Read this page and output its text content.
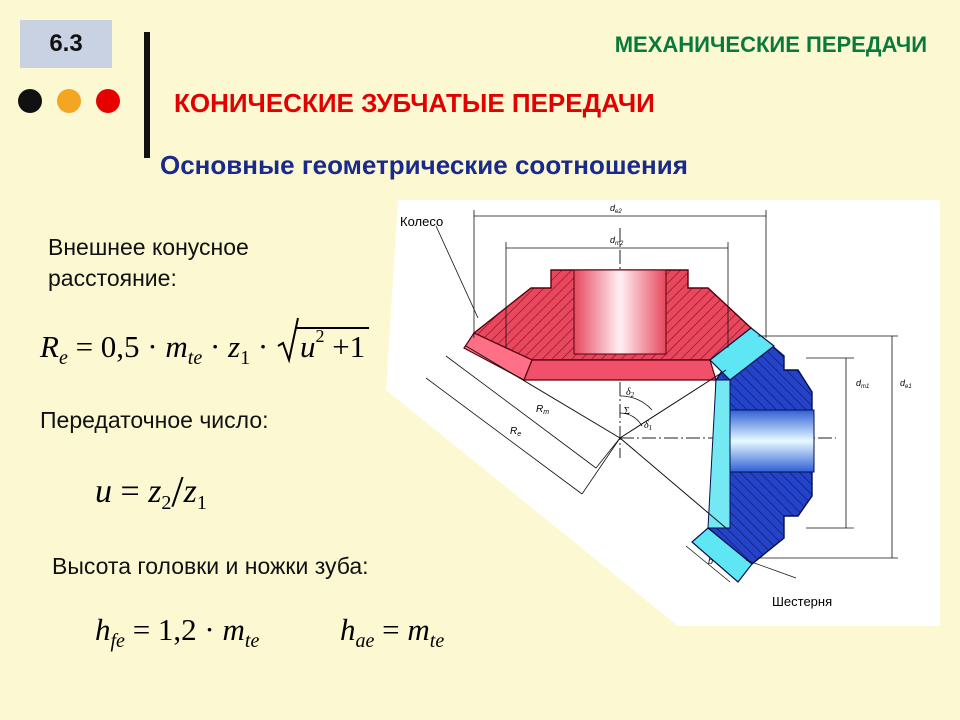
6.3	МЕХАНИЧЕСКИЕ ПЕРЕДАЧИ
КОНИЧЕСКИЕ ЗУБЧАТЫЕ ПЕРЕДАЧИ
Основные геометрические соотношения
Внешнее конусное
расстояние:
$R_e = 0,5 \cdot m_{te} \cdot z_1$ ·
$u^2 +1$
Передаточное число:
$u = z_2/z_1$
Высота головки и ножки зуба:
$h_{fe} = 1,2 \cdot m_{te}$	$h_{ae} = m_{te}$
$d_{e2}$
$d_{m2}$
$d_{m1}$	$d_{e1}$
$R_m$
$R_e$
$\delta_2$
Σ
$\delta_1$
b
Колесо
Шестерня
